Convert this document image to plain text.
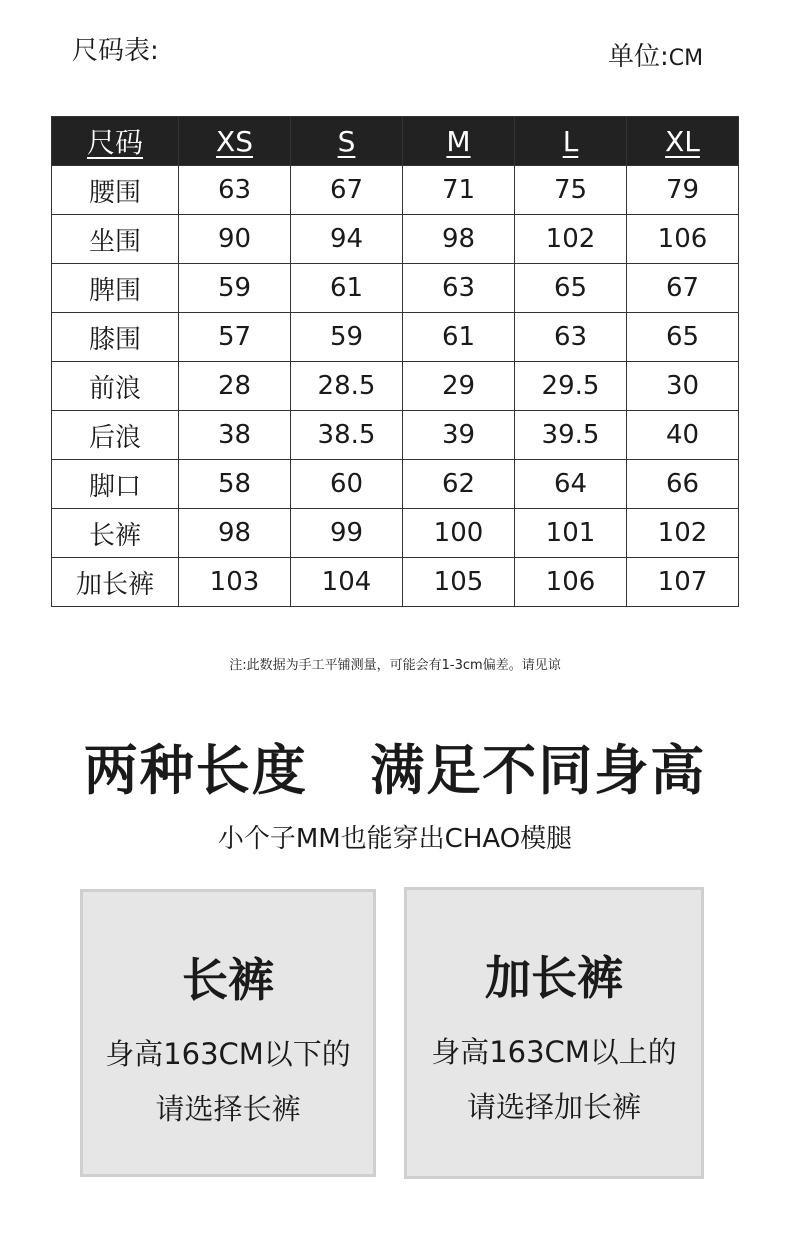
尺码表:	单位:CM
尺码	XS	S	M	L	XL
腰围	63	67	71	75	79
坐围	90	94	98	102	106
脾围	59	61	63	65	67
膝围	57	59	61	63	65
前浪	28	28.5	29	29.5	30
后浪	38	38.5	39	39.5	40
脚口	58	60	62	64	66
长裤	98	99	100	101	102
加长裤	103	104	105	106	107
注:此数据为手工平铺测量，可能会有1-3cm偏差。请见谅
两种长度   满足不同身高
小个子MM也能穿出CHAO模腿
长裤
身高163CM以下的
请选择长裤
加长裤
身高163CM以上的
请选择加长裤
